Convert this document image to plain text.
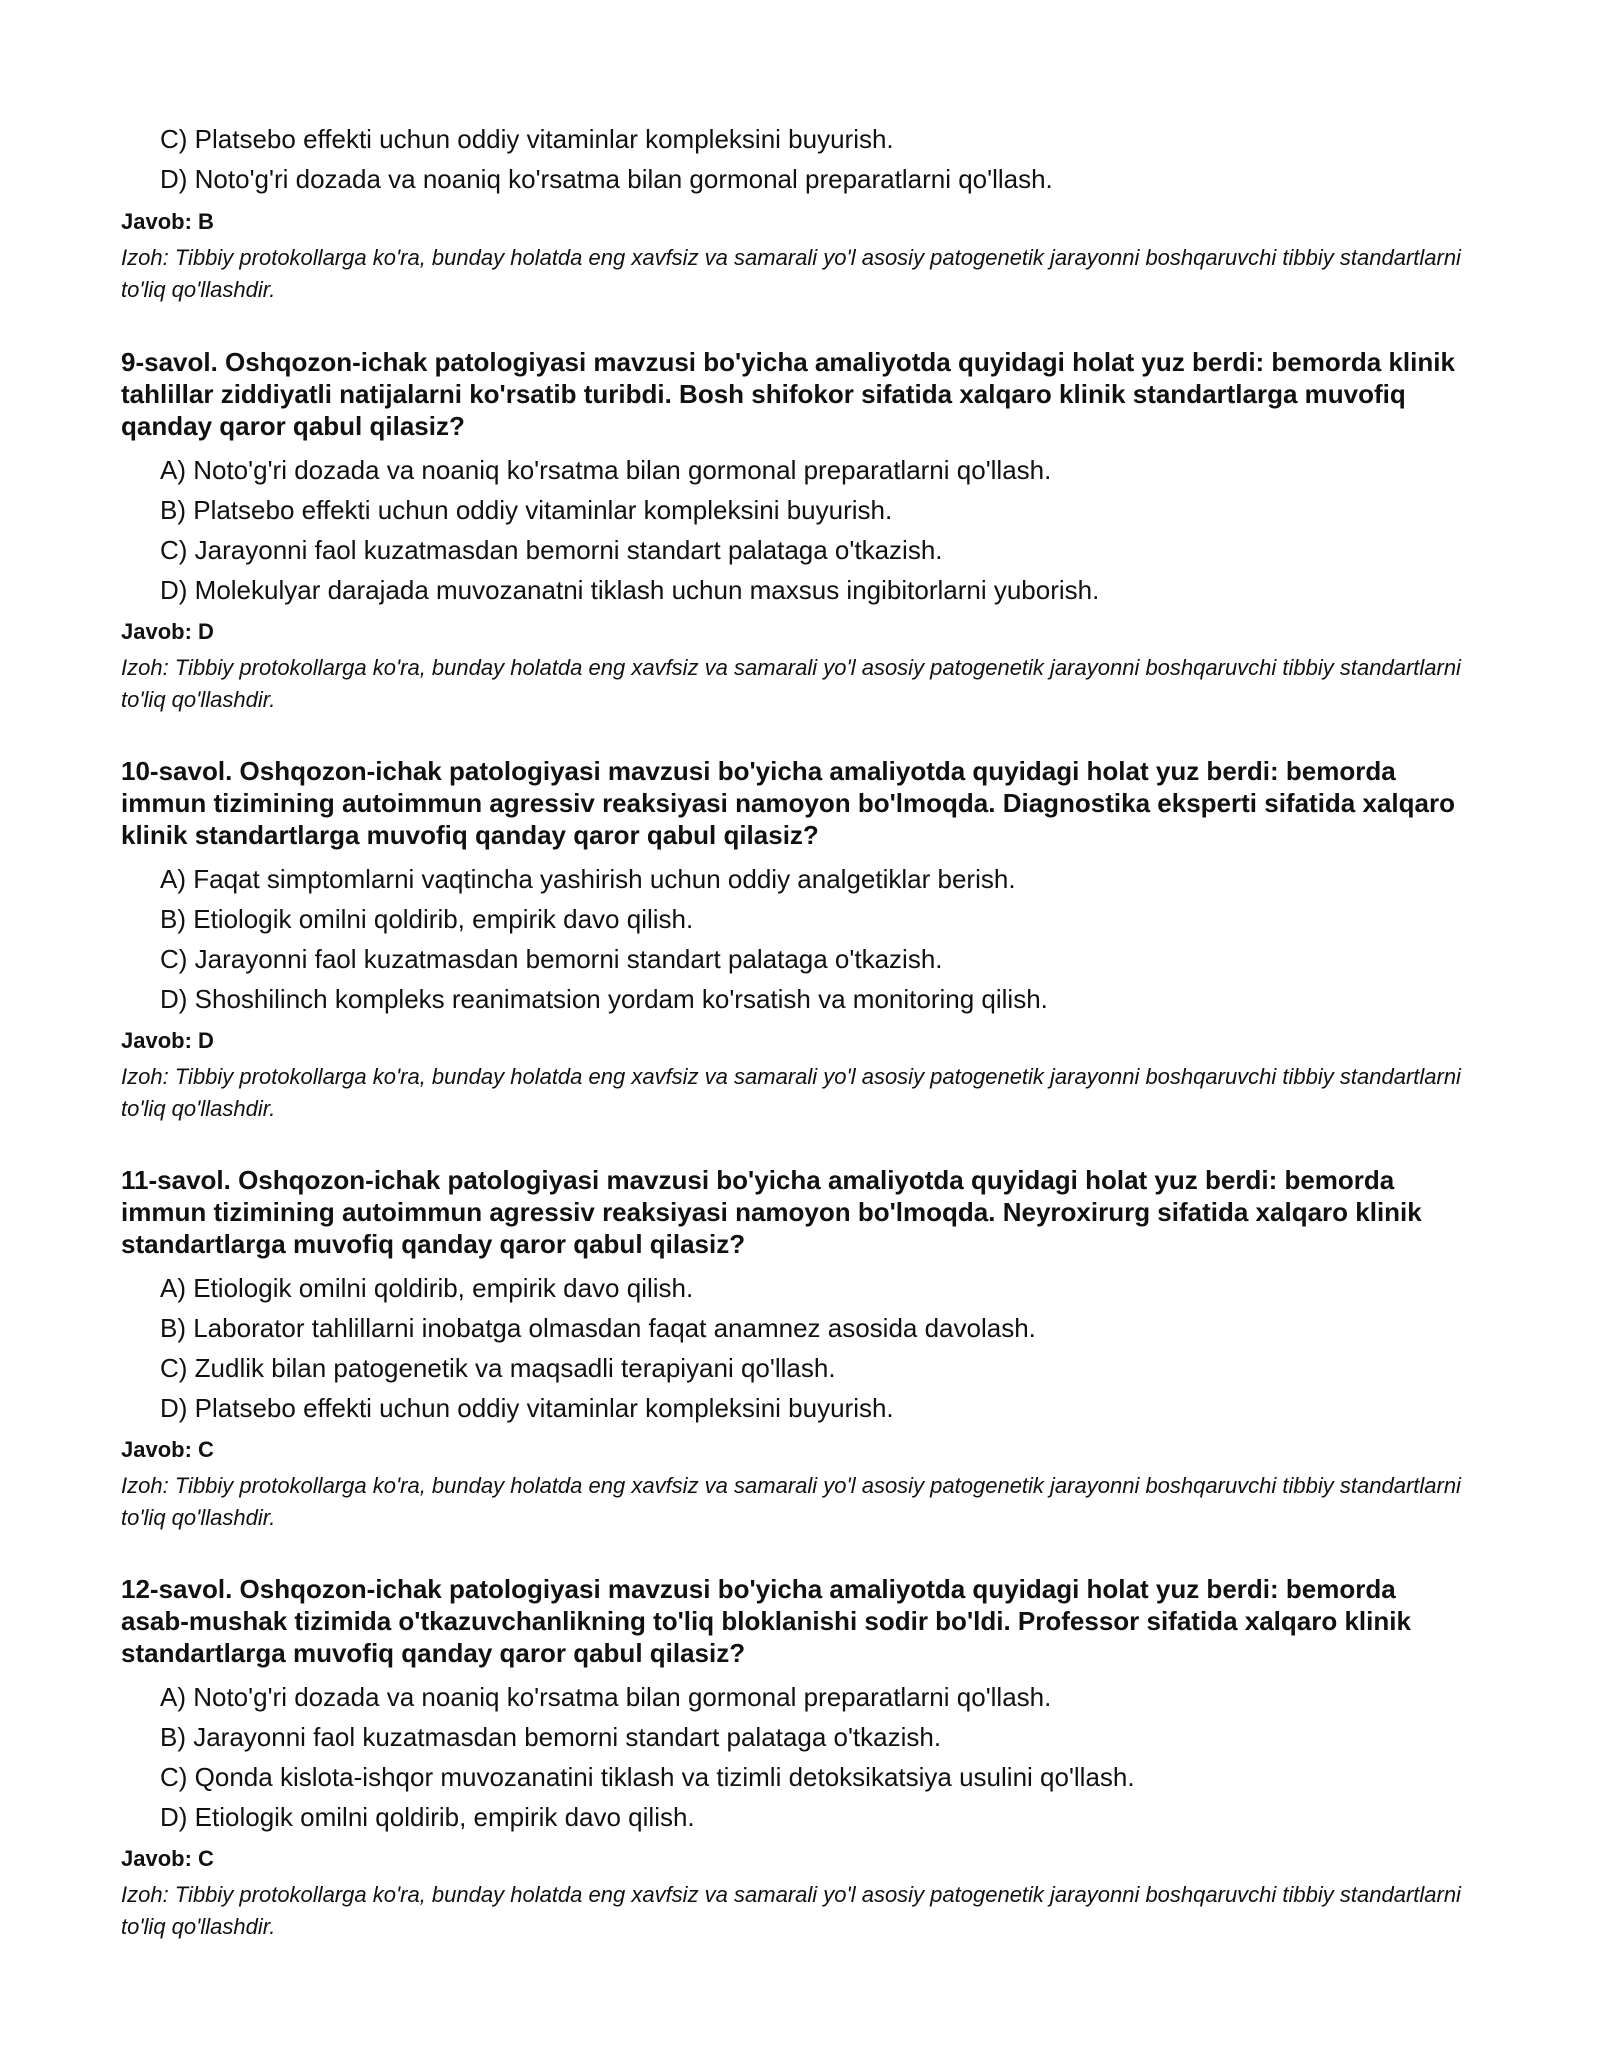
C) Platsebo effekti uchun oddiy vitaminlar kompleksini buyurish.

D) Noto'g'ri dozada va noaniq ko'rsatma bilan gormonal preparatlarni qo'llash.

Javob: B

Izoh: Tibbiy protokollarga ko'ra, bunday holatda eng xavfsiz va samarali yo'l asosiy patogenetik jarayonni boshqaruvchi tibbiy standartlarni to'liq qo'llashdir.

9-savol. Oshqozon-ichak patologiyasi mavzusi bo'yicha amaliyotda quyidagi holat yuz berdi: bemorda klinik tahlillar ziddiyatli natijalarni ko'rsatib turibdi. Bosh shifokor sifatida xalqaro klinik standartlarga muvofiq qanday qaror qabul qilasiz?

A) Noto'g'ri dozada va noaniq ko'rsatma bilan gormonal preparatlarni qo'llash.

B) Platsebo effekti uchun oddiy vitaminlar kompleksini buyurish.

C) Jarayonni faol kuzatmasdan bemorni standart palataga o'tkazish.

D) Molekulyar darajada muvozanatni tiklash uchun maxsus ingibitorlarni yuborish.

Javob: D

Izoh: Tibbiy protokollarga ko'ra, bunday holatda eng xavfsiz va samarali yo'l asosiy patogenetik jarayonni boshqaruvchi tibbiy standartlarni to'liq qo'llashdir.

10-savol. Oshqozon-ichak patologiyasi mavzusi bo'yicha amaliyotda quyidagi holat yuz berdi: bemorda immun tizimining autoimmun agressiv reaksiyasi namoyon bo'lmoqda. Diagnostika eksperti sifatida xalqaro klinik standartlarga muvofiq qanday qaror qabul qilasiz?

A) Faqat simptomlarni vaqtincha yashirish uchun oddiy analgetiklar berish.

B) Etiologik omilni qoldirib, empirik davo qilish.

C) Jarayonni faol kuzatmasdan bemorni standart palataga o'tkazish.

D) Shoshilinch kompleks reanimatsion yordam ko'rsatish va monitoring qilish.

Javob: D

Izoh: Tibbiy protokollarga ko'ra, bunday holatda eng xavfsiz va samarali yo'l asosiy patogenetik jarayonni boshqaruvchi tibbiy standartlarni to'liq qo'llashdir.

11-savol. Oshqozon-ichak patologiyasi mavzusi bo'yicha amaliyotda quyidagi holat yuz berdi: bemorda immun tizimining autoimmun agressiv reaksiyasi namoyon bo'lmoqda. Neyroxirurg sifatida xalqaro klinik standartlarga muvofiq qanday qaror qabul qilasiz?

A) Etiologik omilni qoldirib, empirik davo qilish.

B) Laborator tahlillarni inobatga olmasdan faqat anamnez asosida davolash.

C) Zudlik bilan patogenetik va maqsadli terapiyani qo'llash.

D) Platsebo effekti uchun oddiy vitaminlar kompleksini buyurish.

Javob: C

Izoh: Tibbiy protokollarga ko'ra, bunday holatda eng xavfsiz va samarali yo'l asosiy patogenetik jarayonni boshqaruvchi tibbiy standartlarni to'liq qo'llashdir.

12-savol. Oshqozon-ichak patologiyasi mavzusi bo'yicha amaliyotda quyidagi holat yuz berdi: bemorda asab-mushak tizimida o'tkazuvchanlikning to'liq bloklanishi sodir bo'ldi. Professor sifatida xalqaro klinik standartlarga muvofiq qanday qaror qabul qilasiz?

A) Noto'g'ri dozada va noaniq ko'rsatma bilan gormonal preparatlarni qo'llash.

B) Jarayonni faol kuzatmasdan bemorni standart palataga o'tkazish.

C) Qonda kislota-ishqor muvozanatini tiklash va tizimli detoksikatsiya usulini qo'llash.

D) Etiologik omilni qoldirib, empirik davo qilish.

Javob: C

Izoh: Tibbiy protokollarga ko'ra, bunday holatda eng xavfsiz va samarali yo'l asosiy patogenetik jarayonni boshqaruvchi tibbiy standartlarni to'liq qo'llashdir.
